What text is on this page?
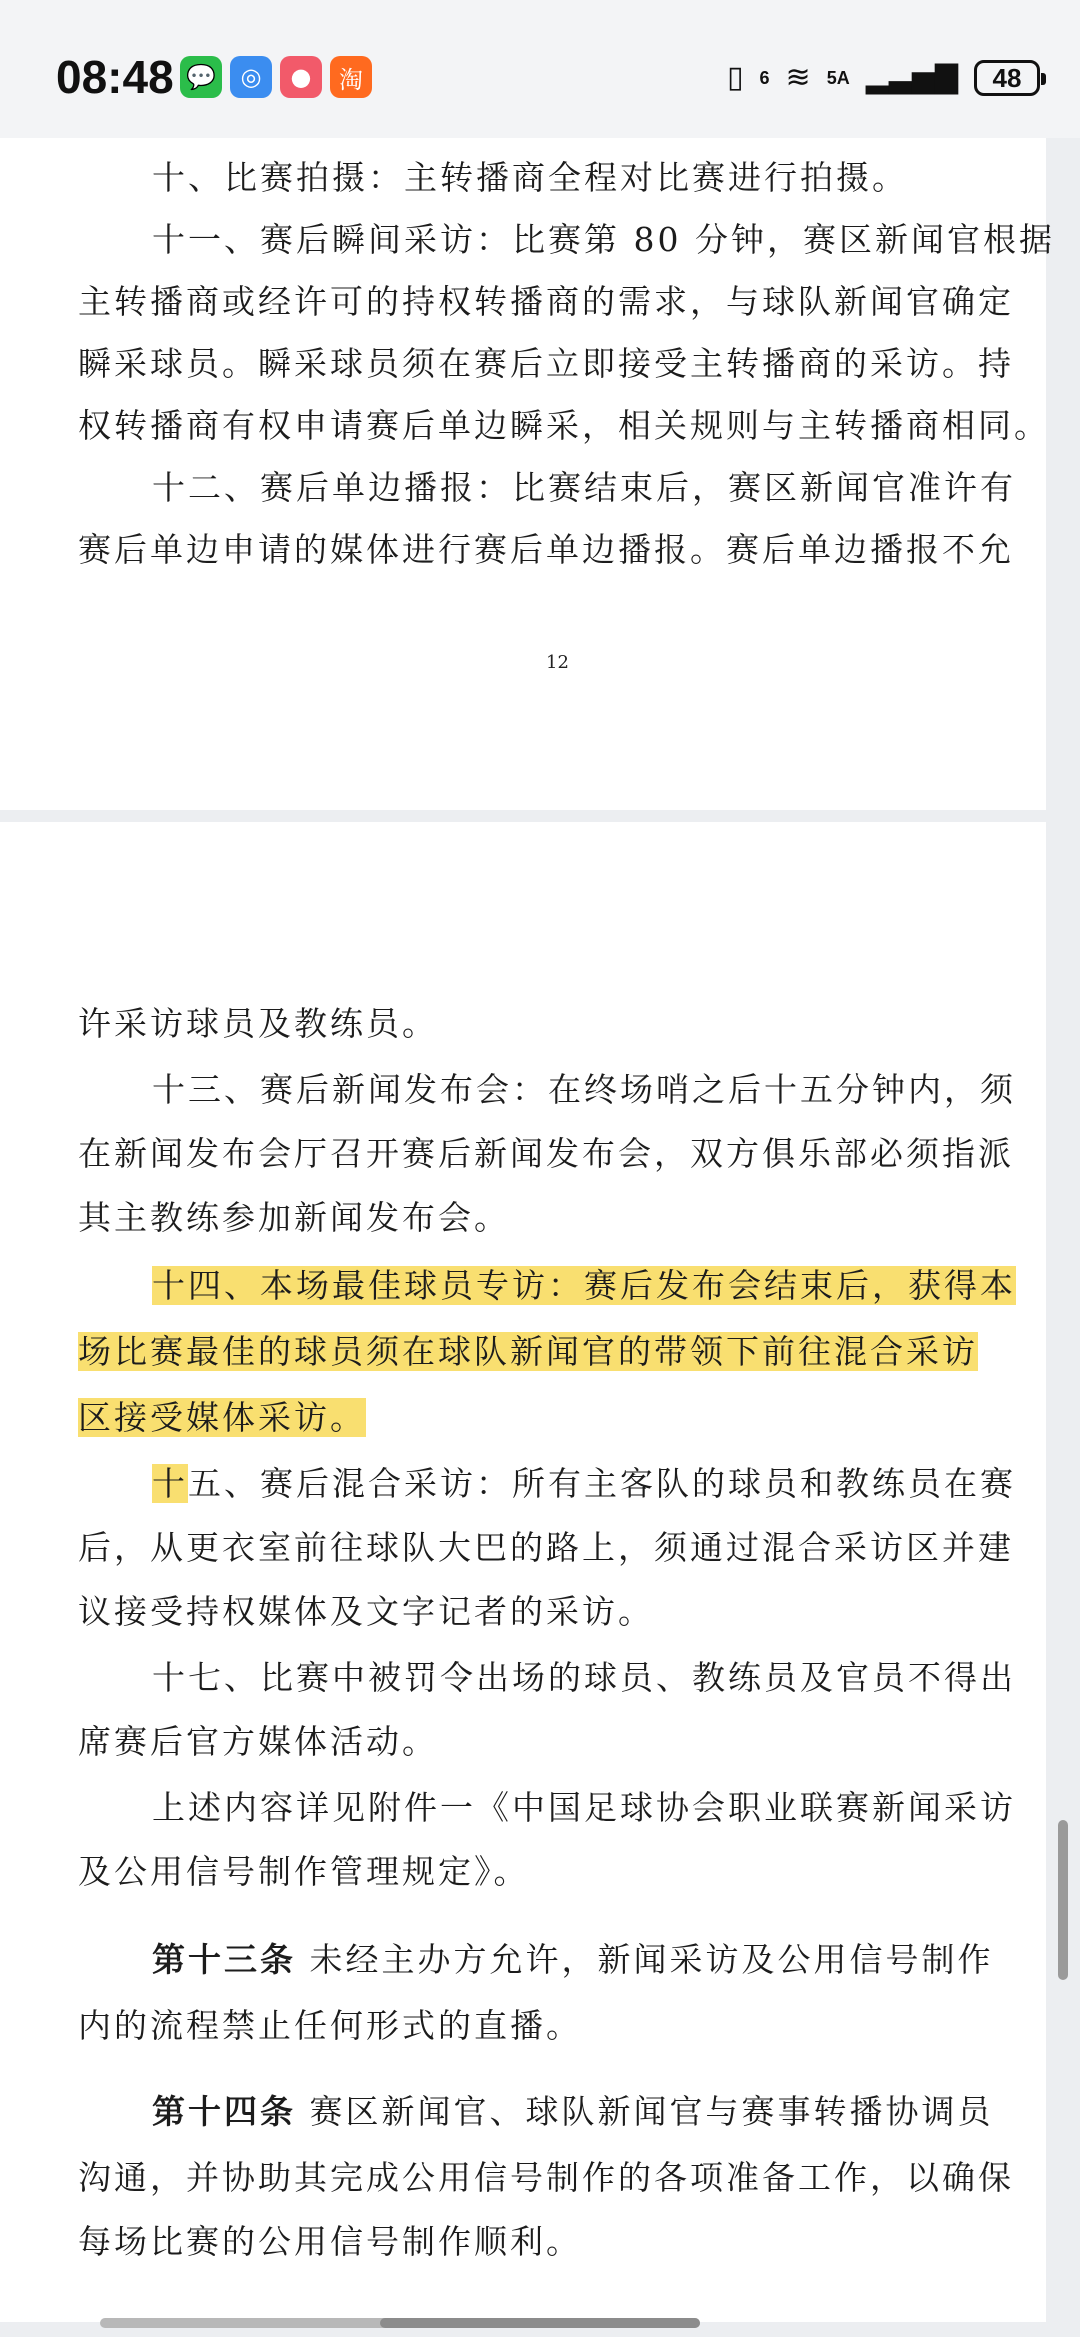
08:48 💬	◎	●	淘	▯ 6 ≋ 5A ▂▃▅▇ 48
十、比赛拍摄：主转播商全程对比赛进行拍摄。
十一、赛后瞬间采访：比赛第 80 分钟，赛区新闻官根据
主转播商或经许可的持权转播商的需求，与球队新闻官确定
瞬采球员。瞬采球员须在赛后立即接受主转播商的采访。持
权转播商有权申请赛后单边瞬采，相关规则与主转播商相同。
十二、赛后单边播报：比赛结束后，赛区新闻官准许有
赛后单边申请的媒体进行赛后单边播报。赛后单边播报不允
12
许采访球员及教练员。
十三、赛后新闻发布会：在终场哨之后十五分钟内，须
在新闻发布会厅召开赛后新闻发布会，双方俱乐部必须指派
其主教练参加新闻发布会。
十四、本场最佳球员专访：赛后发布会结束后，获得本
场比赛最佳的球员须在球队新闻官的带领下前往混合采访
区接受媒体采访。
十五、赛后混合采访：所有主客队的球员和教练员在赛
后，从更衣室前往球队大巴的路上，须通过混合采访区并建
议接受持权媒体及文字记者的采访。
十七、比赛中被罚令出场的球员、教练员及官员不得出
席赛后官方媒体活动。
上述内容详见附件一《中国足球协会职业联赛新闻采访
及公用信号制作管理规定》。
第十三条 未经主办方允许，新闻采访及公用信号制作
内的流程禁止任何形式的直播。
第十四条 赛区新闻官、球队新闻官与赛事转播协调员
沟通，并协助其完成公用信号制作的各项准备工作，以确保
每场比赛的公用信号制作顺利。
